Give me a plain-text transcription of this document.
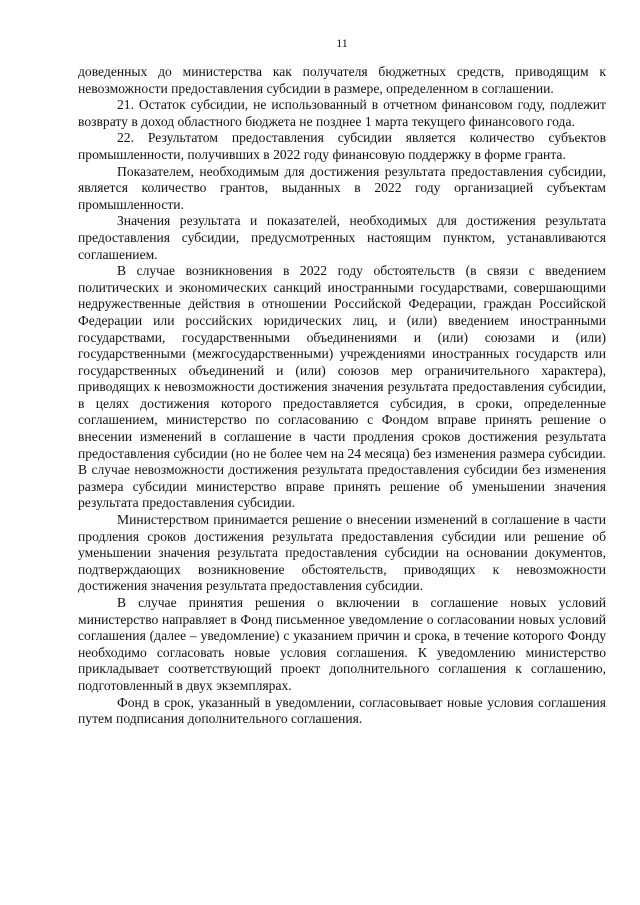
11

доведенных до министерства как получателя бюджетных средств, приводящим к невозможности предоставления субсидии в размере, определенном в соглашении.

21. Остаток субсидии, не использованный в отчетном финансовом году, подлежит возврату в доход областного бюджета не позднее 1 марта текущего финансового года.

22. Результатом предоставления субсидии является количество субъектов промышленности, получивших в 2022 году финансовую поддержку в форме гранта.

Показателем, необходимым для достижения результата предоставления субсидии, является количество грантов, выданных в 2022 году организацией субъектам промышленности.

Значения результата и показателей, необходимых для достижения результата предоставления субсидии, предусмотренных настоящим пунктом, устанавливаются соглашением.

В случае возникновения в 2022 году обстоятельств (в связи с введением политических и экономических санкций иностранными государствами, совершающими недружественные действия в отношении Российской Федерации, граждан Российской Федерации или российских юридических лиц, и (или) введением иностранными государствами, государственными объединениями и (или) союзами и (или) государственными (межгосударственными) учреждениями иностранных государств или государственных объединений и (или) союзов мер ограничительного характера), приводящих к невозможности достижения значения результата предоставления субсидии, в целях достижения которого предоставляется субсидия, в сроки, определенные соглашением, министерство по согласованию с Фондом вправе принять решение о внесении изменений в соглашение в части продления сроков достижения результата предоставления субсидии (но не более чем на 24 месяца) без изменения размера субсидии. В случае невозможности достижения результата предоставления субсидии без изменения размера субсидии министерство вправе принять решение об уменьшении значения результата предоставления субсидии.

Министерством принимается решение о внесении изменений в соглашение в части продления сроков достижения результата предоставления субсидии или решение об уменьшении значения результата предоставления субсидии на основании документов, подтверждающих возникновение обстоятельств, приводящих к невозможности достижения значения результата предоставления субсидии.

В случае принятия решения о включении в соглашение новых условий министерство направляет в Фонд письменное уведомление о согласовании новых условий соглашения (далее – уведомление) с указанием причин и срока, в течение которого Фонду необходимо согласовать новые условия соглашения. К уведомлению министерство прикладывает соответствующий проект дополнительного соглашения к соглашению, подготовленный в двух экземплярах.

Фонд в срок, указанный в уведомлении, согласовывает новые условия соглашения путем подписания дополнительного соглашения.
